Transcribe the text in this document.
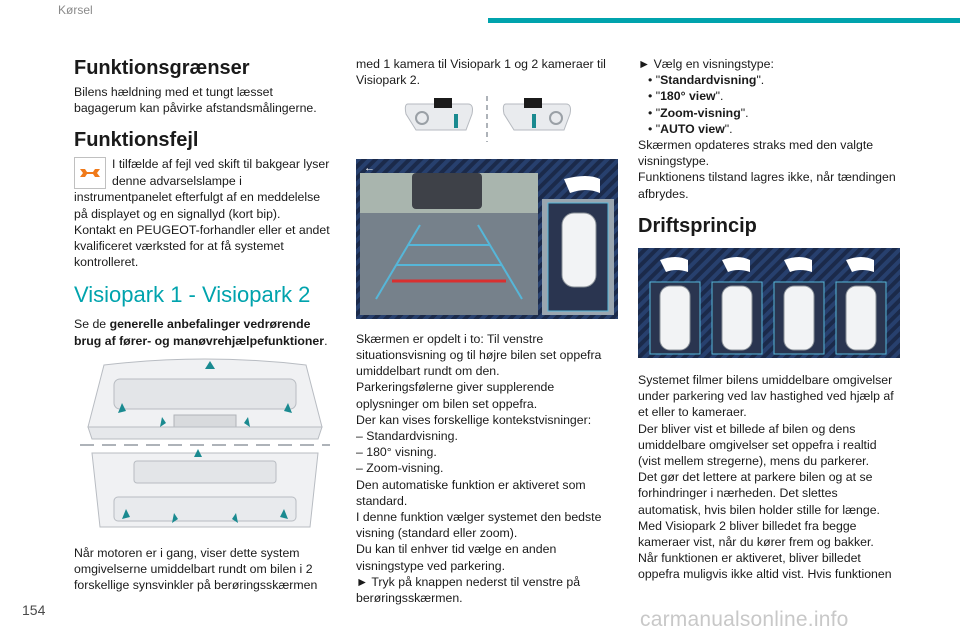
Kørsel
Funktionsgrænser

Bilens hældning med et tungt læsset bagagerum kan påvirke afstandsmålingerne.

Funktionsfejl

I tilfælde af fejl ved skift til bakgear lyser denne advarselslampe i

instrumentpanelet efterfulgt af en meddelelse på displayet og en signallyd (kort bip).

Kontakt en PEUGEOT-forhandler eller et andet kvalificeret værksted for at få systemet kontrolleret.

Visiopark 1 - Visiopark 2

Se de generelle anbefalinger vedrørende brug af fører- og manøvrehjælpefunktioner.

Når motoren er i gang, viser dette system omgivelserne umiddelbart rundt om bilen i 2 forskellige synsvinkler på berøringsskærmen

med 1 kamera til Visiopark 1 og 2 kameraer til Visiopark 2.

←

Skærmen er opdelt i to: Til venstre situationsvisning og til højre bilen set oppefra umiddelbart rundt om den.

Parkeringsfølerne giver supplerende oplysninger om bilen set oppefra.

Der kan vises forskellige kontekstvisninger:

– Standardvisning.

– 180° visning.

– Zoom-visning.

Den automatiske funktion er aktiveret som standard.

I denne funktion vælger systemet den bedste visning (standard eller zoom).

Du kan til enhver tid vælge en anden visningstype ved parkering.

► Tryk på knappen nederst til venstre på berøringsskærmen.

► Vælg en visningstype:

• "Standardvisning".
• "180° view".
• "Zoom-visning".
• "AUTO view".

Skærmen opdateres straks med den valgte visningstype.

Funktionens tilstand lagres ikke, når tændingen afbrydes.

Driftsprincip

Systemet filmer bilens umiddelbare omgivelser under parkering ved lav hastighed ved hjælp af et eller to kameraer.

Der bliver vist et billede af bilen og dens umiddelbare omgivelser set oppefra i realtid (vist mellem stregerne), mens du parkerer.

Det gør det lettere at parkere bilen og at se forhindringer i nærheden. Det slettes automatisk, hvis bilen holder stille for længe.

Med Visiopark 2 bliver billedet fra begge kameraer vist, når du kører frem og bakker.

Når funktionen er aktiveret, bliver billedet oppefra muligvis ikke altid vist. Hvis funktionen

154	carmanualsonline.info
